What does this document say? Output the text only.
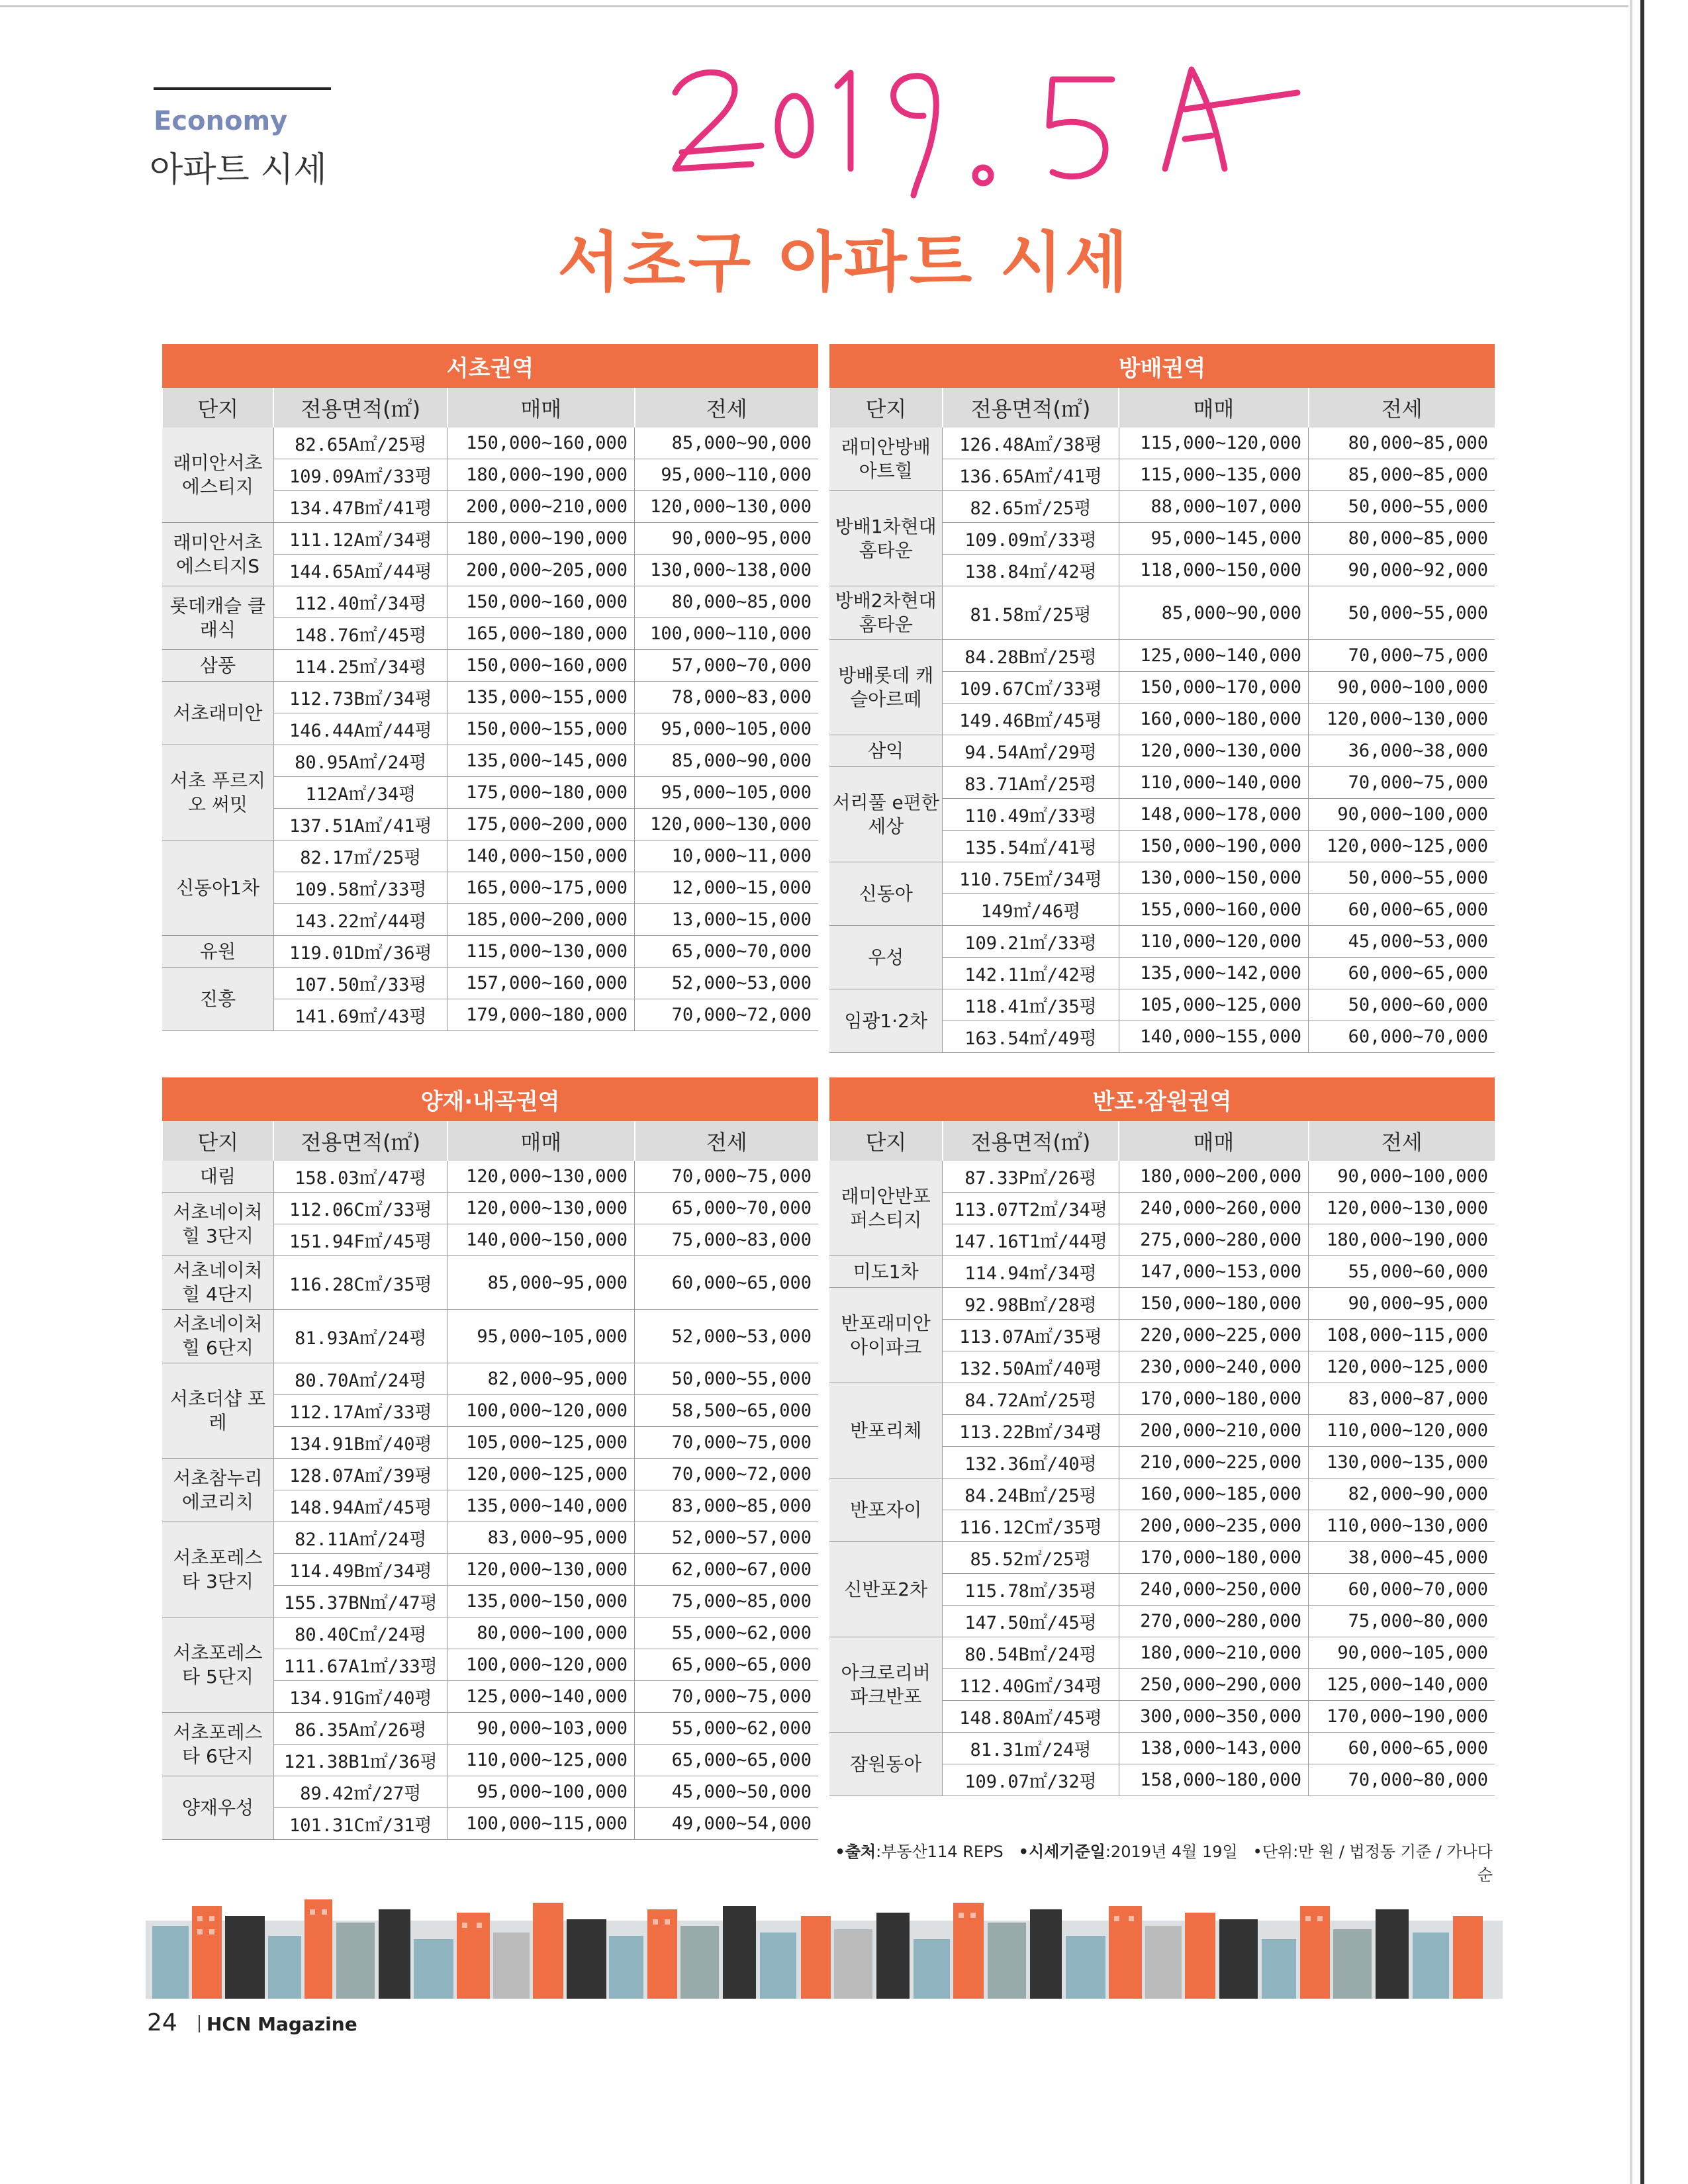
Economy
아파트 시세
서초구 아파트 시세
서초권역			
단지	전용면적(㎡)	매매	전세
래미안서초 에스티지	82.65A㎡/25평	150,000~160,000	85,000~90,000
	109.09A㎡/33평	180,000~190,000	95,000~110,000
	134.47B㎡/41평	200,000~210,000	120,000~130,000
래미안서초 에스티지S	111.12A㎡/34평	180,000~190,000	90,000~95,000
	144.65A㎡/44평	200,000~205,000	130,000~138,000
롯데캐슬 클래식	112.40㎡/34평	150,000~160,000	80,000~85,000
	148.76㎡/45평	165,000~180,000	100,000~110,000
삼풍	114.25㎡/34평	150,000~160,000	57,000~70,000
서초래미안	112.73B㎡/34평	135,000~155,000	78,000~83,000
	146.44A㎡/44평	150,000~155,000	95,000~105,000
서초 푸르지오 써밋	80.95A㎡/24평	135,000~145,000	85,000~90,000
	112A㎡/34평	175,000~180,000	95,000~105,000
	137.51A㎡/41평	175,000~200,000	120,000~130,000
신동아1차	82.17㎡/25평	140,000~150,000	10,000~11,000
	109.58㎡/33평	165,000~175,000	12,000~15,000
	143.22㎡/44평	185,000~200,000	13,000~15,000
유원	119.01D㎡/36평	115,000~130,000	65,000~70,000
진흥	107.50㎡/33평	157,000~160,000	52,000~53,000
	141.69㎡/43평	179,000~180,000	70,000~72,000
방배권역			
단지	전용면적(㎡)	매매	전세
래미안방배 아트힐	126.48A㎡/38평	115,000~120,000	80,000~85,000
	136.65A㎡/41평	115,000~135,000	85,000~85,000
방배1차현대 홈타운	82.65㎡/25평	88,000~107,000	50,000~55,000
	109.09㎡/33평	95,000~145,000	80,000~85,000
	138.84㎡/42평	118,000~150,000	90,000~92,000
방배2차현대 홈타운	81.58㎡/25평	85,000~90,000	50,000~55,000
방배롯데 캐슬아르떼	84.28B㎡/25평	125,000~140,000	70,000~75,000
	109.67C㎡/33평	150,000~170,000	90,000~100,000
	149.46B㎡/45평	160,000~180,000	120,000~130,000
삼익	94.54A㎡/29평	120,000~130,000	36,000~38,000
서리풀 e편한세상	83.71A㎡/25평	110,000~140,000	70,000~75,000
	110.49㎡/33평	148,000~178,000	90,000~100,000
	135.54㎡/41평	150,000~190,000	120,000~125,000
신동아	110.75E㎡/34평	130,000~150,000	50,000~55,000
	149㎡/46평	155,000~160,000	60,000~65,000
우성	109.21㎡/33평	110,000~120,000	45,000~53,000
	142.11㎡/42평	135,000~142,000	60,000~65,000
임광1·2차	118.41㎡/35평	105,000~125,000	50,000~60,000
	163.54㎡/49평	140,000~155,000	60,000~70,000
양재·내곡권역			
단지	전용면적(㎡)	매매	전세
대림	158.03㎡/47평	120,000~130,000	70,000~75,000
서초네이처힐 3단지	112.06C㎡/33평	120,000~130,000	65,000~70,000
	151.94F㎡/45평	140,000~150,000	75,000~83,000
서초네이처힐 4단지	116.28C㎡/35평	85,000~95,000	60,000~65,000
서초네이처힐 6단지	81.93A㎡/24평	95,000~105,000	52,000~53,000
서초더샵 포레	80.70A㎡/24평	82,000~95,000	50,000~55,000
	112.17A㎡/33평	100,000~120,000	58,500~65,000
	134.91B㎡/40평	105,000~125,000	70,000~75,000
서초참누리 에코리치	128.07A㎡/39평	120,000~125,000	70,000~72,000
	148.94A㎡/45평	135,000~140,000	83,000~85,000
서초포레스타 3단지	82.11A㎡/24평	83,000~95,000	52,000~57,000
	114.49B㎡/34평	120,000~130,000	62,000~67,000
	155.37BN㎡/47평	135,000~150,000	75,000~85,000
서초포레스타 5단지	80.40C㎡/24평	80,000~100,000	55,000~62,000
	111.67A1㎡/33평	100,000~120,000	65,000~65,000
	134.91G㎡/40평	125,000~140,000	70,000~75,000
서초포레스타 6단지	86.35A㎡/26평	90,000~103,000	55,000~62,000
	121.38B1㎡/36평	110,000~125,000	65,000~65,000
양재우성	89.42㎡/27평	95,000~100,000	45,000~50,000
	101.31C㎡/31평	100,000~115,000	49,000~54,000
반포·잠원권역			
단지	전용면적(㎡)	매매	전세
래미안반포 퍼스티지	87.33P㎡/26평	180,000~200,000	90,000~100,000
	113.07T2㎡/34평	240,000~260,000	120,000~130,000
	147.16T1㎡/44평	275,000~280,000	180,000~190,000
미도1차	114.94㎡/34평	147,000~153,000	55,000~60,000
반포래미안 아이파크	92.98B㎡/28평	150,000~180,000	90,000~95,000
	113.07A㎡/35평	220,000~225,000	108,000~115,000
	132.50A㎡/40평	230,000~240,000	120,000~125,000
반포리체	84.72A㎡/25평	170,000~180,000	83,000~87,000
	113.22B㎡/34평	200,000~210,000	110,000~120,000
	132.36㎡/40평	210,000~225,000	130,000~135,000
반포자이	84.24B㎡/25평	160,000~185,000	82,000~90,000
	116.12C㎡/35평	200,000~235,000	110,000~130,000
신반포2차	85.52㎡/25평	170,000~180,000	38,000~45,000
	115.78㎡/35평	240,000~250,000	60,000~70,000
	147.50㎡/45평	270,000~280,000	75,000~80,000
아크로리버 파크반포	80.54B㎡/24평	180,000~210,000	90,000~105,000
	112.40G㎡/34평	250,000~290,000	125,000~140,000
	148.80A㎡/45평	300,000~350,000	170,000~190,000
잠원동아	81.31㎡/24평	138,000~143,000	60,000~65,000
	109.07㎡/32평	158,000~180,000	70,000~80,000
•출처:부동산114 REPS •시세기준일:2019년 4월 19일 •단위:만 원 / 법정동 기준 / 가나다 순
24	HCN Magazine
